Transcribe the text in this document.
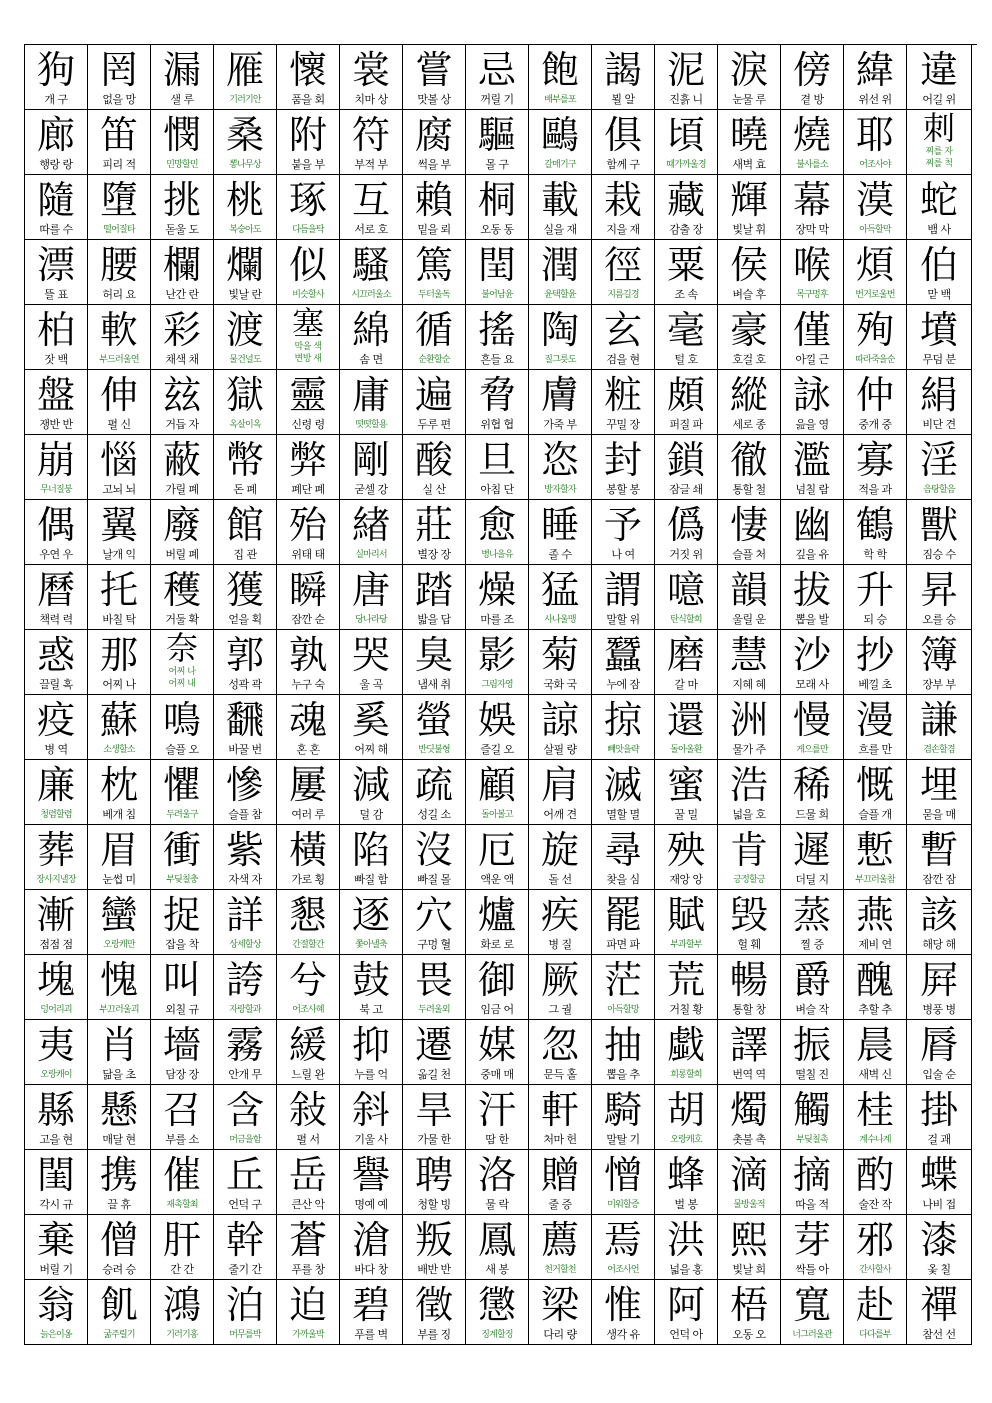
狗
개 구
罔
없을 망
漏
샐 루
雁
기러기안
懷
품을 회
裳
치마 상
嘗
맛볼 상
忌
꺼릴 기
飽
배부를포
謁
뵐 알
泥
진흙 니
淚
눈물 루
傍
곁 방
緯
위선 위
違
어길 위
廊
행랑 랑
笛
피리 적
憫
민망할민
桑
뽕나무상
附
붙을 부
符
부적 부
腐
썩을 부
驅
몰 구
鷗
갈매기구
俱
함께 구
頃
때가까울경
曉
새벽 효
燒
불사를소
耶
어조사야
刺
찌를 자
찌를 척
隨
따를 수
墮
떨어질타
挑
돋울 도
桃
복숭아도
琢
다듬을탁
互
서로 호
賴
밑을 뢰
桐
오동 동
載
실을 재
栽
지을 재
藏
감출 장
輝
빛날 휘
幕
장막 막
漠
아득할막
蛇
뱀 사
漂
뜰 표
腰
허리 요
欄
난간 란
爛
빛날 란
似
비슷할사
騷
시끄러울소
篤
두터울독
閏
불어남윤
潤
윤택할윤
徑
지름길경
粟
조 속
侯
벼슬 후
喉
목구멍후
煩
번거로울번
伯
맏 백
柏
잣 백
軟
부드러울연
彩
채색 채
渡
물건널도
塞
막을 색
변방 새
綿
솜 면
循
순환할순
搖
흔들 요
陶
질그릇도
玄
검을 현
毫
털 호
豪
호걸 호
僅
아낄 근
殉
따라죽을순
墳
무덤 분
盤
쟁반 반
伸
펼 신
玆
거듭 자
獄
옥살이옥
靈
신령 령
庸
떳떳할용
遍
두루 편
脅
위협 협
膚
가죽 부
粧
꾸밀 장
頗
퍼질 파
縱
세로 종
詠
읊을 영
仲
중개 중
絹
비단 견
崩
무너질붕
惱
고뇌 뇌
蔽
가릴 폐
幣
돈 폐
弊
폐단 폐
剛
굳셀 강
酸
실 산
旦
아침 단
恣
방자할자
封
봉할 봉
鎖
잠글 쇄
徹
통할 철
濫
넘칠 람
寡
적을 과
淫
음탕할음
偶
우연 우
翼
날개 익
廢
버릴 폐
館
집 관
殆
위태 태
緖
실마리서
莊
별장 장
愈
병나을유
睡
졸 수
予
나 여
僞
거짓 위
悽
슬플 처
幽
깊을 유
鶴
학 학
獸
짐승 수
曆
책력 력
托
바칠 탁
穫
거둘 확
獲
얻을 획
瞬
잠깐 순
唐
당나라당
踏
밟을 답
燥
마를 조
猛
사나울맹
謂
말할 위
噫
탄식할희
韻
울릴 운
拔
뽑을 발
升
되 승
昇
오를 승
惑
끌릴 혹
那
어찌 나
奈
어찌 나
어찌 내
郭
성곽 곽
孰
누구 숙
哭
울 곡
臭
냄새 취
影
그림자영
菊
국화 국
蠶
누에 잠
磨
갈 마
慧
지혜 혜
沙
모래 사
抄
베낄 초
簿
장부 부
疫
병 역
蘇
소생할소
鳴
슬플 오
飜
바꿀 번
魂
혼 혼
奚
어찌 해
螢
반딧불형
娛
즐길 오
諒
살필 량
掠
빼앗을략
還
돌아올환
洲
물가 주
慢
게으를만
漫
흐를 만
謙
겸손할겸
廉
청렴할렴
枕
베개 침
懼
두려울구
慘
슬플 참
屢
여러 루
減
덜 감
疏
성길 소
顧
돌아볼고
肩
어깨 견
滅
멸할 멸
蜜
꿀 밀
浩
넓을 호
稀
드물 희
慨
슬플 개
埋
묻을 매
葬
장사지낼장
眉
눈썹 미
衝
부딪칠충
紫
자색 자
橫
가로 횡
陷
빠질 함
沒
빠질 몰
厄
액운 액
旋
돌 선
尋
찾을 심
殃
재앙 앙
肯
긍정할긍
遲
더딜 지
慙
부끄러울참
暫
잠깐 잠
漸
점점 점
蠻
오랑캐만
捉
잡을 착
詳
상세할상
懇
간절할간
逐
쫓아낼축
穴
구멍 혈
爐
화로 로
疾
병 질
罷
파면 파
賦
부과할부
毁
헐 훼
蒸
찔 증
燕
제비 연
該
해당 해
塊
덩어리괴
愧
부끄러울괴
叫
외칠 규
誇
자랑할과
兮
어조사혜
鼓
북 고
畏
두려울외
御
임금 어
厥
그 궐
茫
아득할망
荒
거칠 황
暢
통할 창
爵
벼슬 작
醜
추할 추
屛
병풍 병
夷
오랑캐이
肖
닮을 초
墻
담장 장
霧
안개 무
緩
느릴 완
抑
누를 억
遷
옮길 천
媒
중매 매
忽
문득 홀
抽
뽑을 추
戱
희롱할희
譯
번역 역
振
떨칠 진
晨
새벽 신
脣
입술 순
縣
고을 현
懸
매달 현
召
부를 소
含
머금을함
敍
펼 서
斜
기울 사
旱
가물 한
汗
땀 한
軒
처마 헌
騎
말탈 기
胡
오랑캐호
燭
촛불 촉
觸
부딪칠촉
桂
계수나계
掛
걸 괘
閨
각시 규
携
끌 휴
催
재촉할최
丘
언덕 구
岳
큰산 악
譽
명예 예
聘
청할 빙
洛
물 락
贈
줄 증
憎
미워할증
蜂
벌 봉
滴
물방울적
摘
따올 적
酌
술잔 작
蝶
나비 접
棄
버릴 기
僧
승려 승
肝
간 간
幹
줄기 간
蒼
푸를 창
滄
바다 창
叛
배반 반
鳳
새 봉
薦
천거할천
焉
어조사언
洪
넓을 홍
熙
빛날 희
芽
싹틀 아
邪
간사할사
漆
옻 칠
翁
늙은이옹
飢
굶주릴기
鴻
기러기홍
泊
머무를박
迫
가까울박
碧
푸를 벽
徵
부를 징
懲
징계할징
梁
다리 량
惟
생각 유
阿
언덕 아
梧
오동 오
寬
너그러울관
赴
다다를부
禪
참선 선
